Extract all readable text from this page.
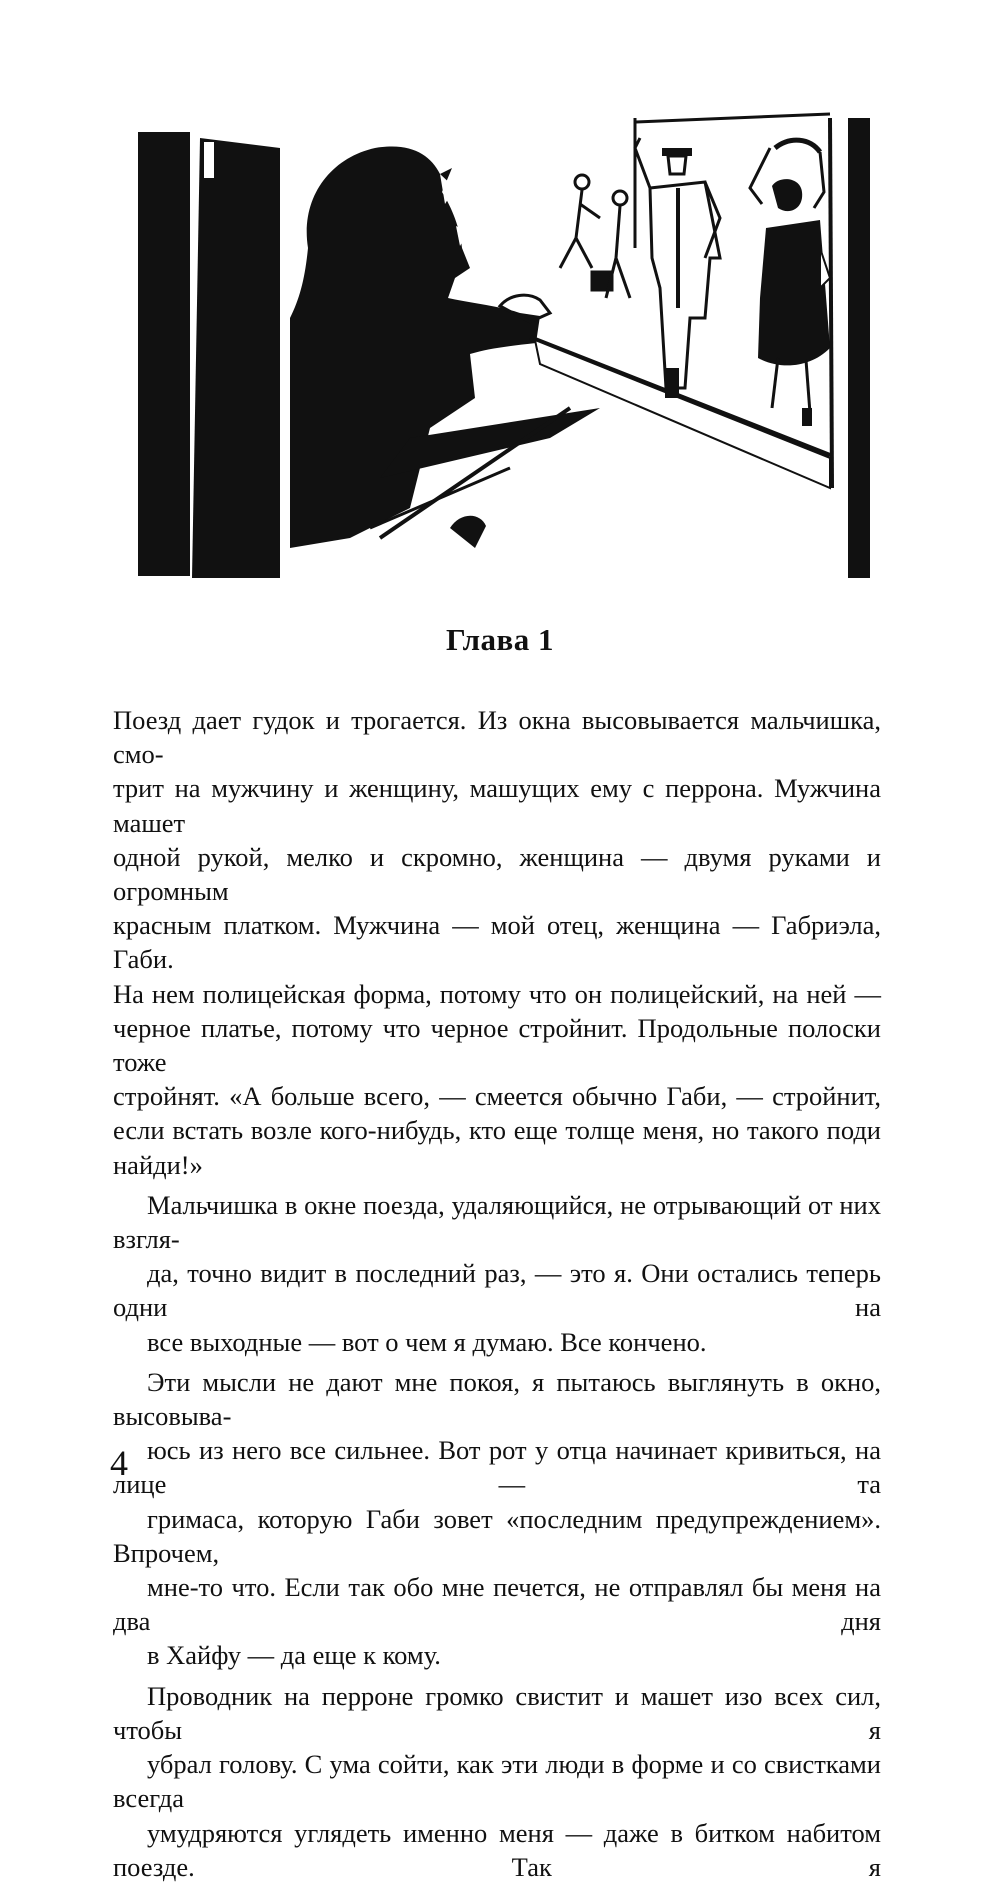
Глава 1

Поезд дает гудок и трогается. Из окна высовывается мальчишка, смо-
трит на мужчину и женщину, машущих ему с перрона. Мужчина машет
одной рукой, мелко и скромно, женщина — двумя руками и огромным
красным платком. Мужчина — мой отец, женщина — Габриэла, Габи.
На нем полицейская форма, потому что он полицейский, на ней —
черное платье, потому что черное стройнит. Продольные полоски тоже
стройнят. «А больше всего, — смеется обычно Габи, — стройнит,
если встать возле кого-нибудь, кто еще толще меня, но такого поди
найди!»

Мальчишка в окне поезда, удаляющийся, не отрывающий от них взгля-
да, точно видит в последний раз, — это я. Они остались теперь одни на
все выходные — вот о чем я думаю. Все кончено.

Эти мысли не дают мне покоя, я пытаюсь выглянуть в окно, высовыва-
юсь из него все сильнее. Вот рот у отца начинает кривиться, на лице — та
гримаса, которую Габи зовет «последним предупреждением». Впрочем,
мне-то что. Если так обо мне печется, не отправлял бы меня на два дня
в Хайфу — да еще к кому.

Проводник на перроне громко свистит и машет изо всех сил, чтобы я
убрал голову. С ума сойти, как эти люди в форме и со свистками всегда
умудряются углядеть именно меня — даже в битком набитом поезде. Так я

4
